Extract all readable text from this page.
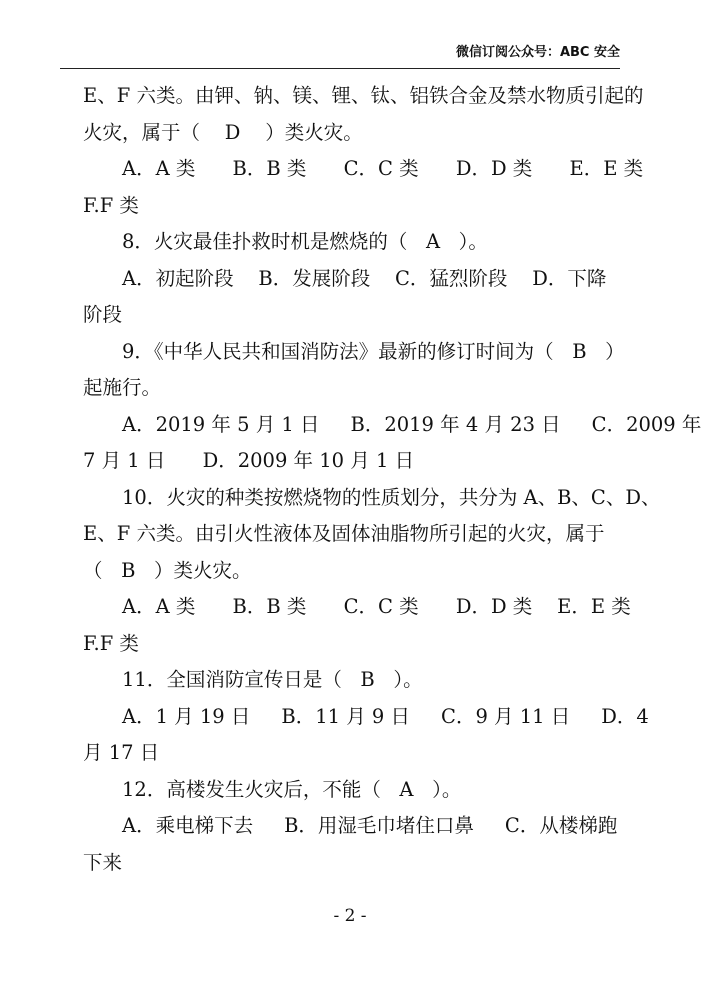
微信订阅公众号：ABC 安全
E、F 六类。由钾、钠、镁、锂、钛、铝铁合金及禁水物质引起的
火灾，属于（    D    ）类火灾。
A．A 类      B．B 类      C．C 类      D．D 类      E．E 类
F.F 类
8．火灾最佳扑救时机是燃烧的（   A   ）。
A．初起阶段    B．发展阶段    C．猛烈阶段    D．下降
阶段
9．《中华人民共和国消防法》最新的修订时间为（   B   ）
起施行。
A．2019 年 5 月 1 日     B．2019 年 4 月 23 日     C．2009 年
7 月 1 日      D．2009 年 10 月 1 日
10．火灾的种类按燃烧物的性质划分，共分为 A、B、C、D、
E、F 六类。由引火性液体及固体油脂物所引起的火灾，属于
（   B   ）类火灾。
A．A 类      B．B 类      C．C 类      D．D 类    E．E 类
F.F 类
11．全国消防宣传日是（   B   ）。
A．1 月 19 日     B．11 月 9 日     C．9 月 11 日     D．4
月 17 日
12．高楼发生火灾后，不能（   A   ）。
A．乘电梯下去     B．用湿毛巾堵住口鼻     C．从楼梯跑
下来
- 2 -
